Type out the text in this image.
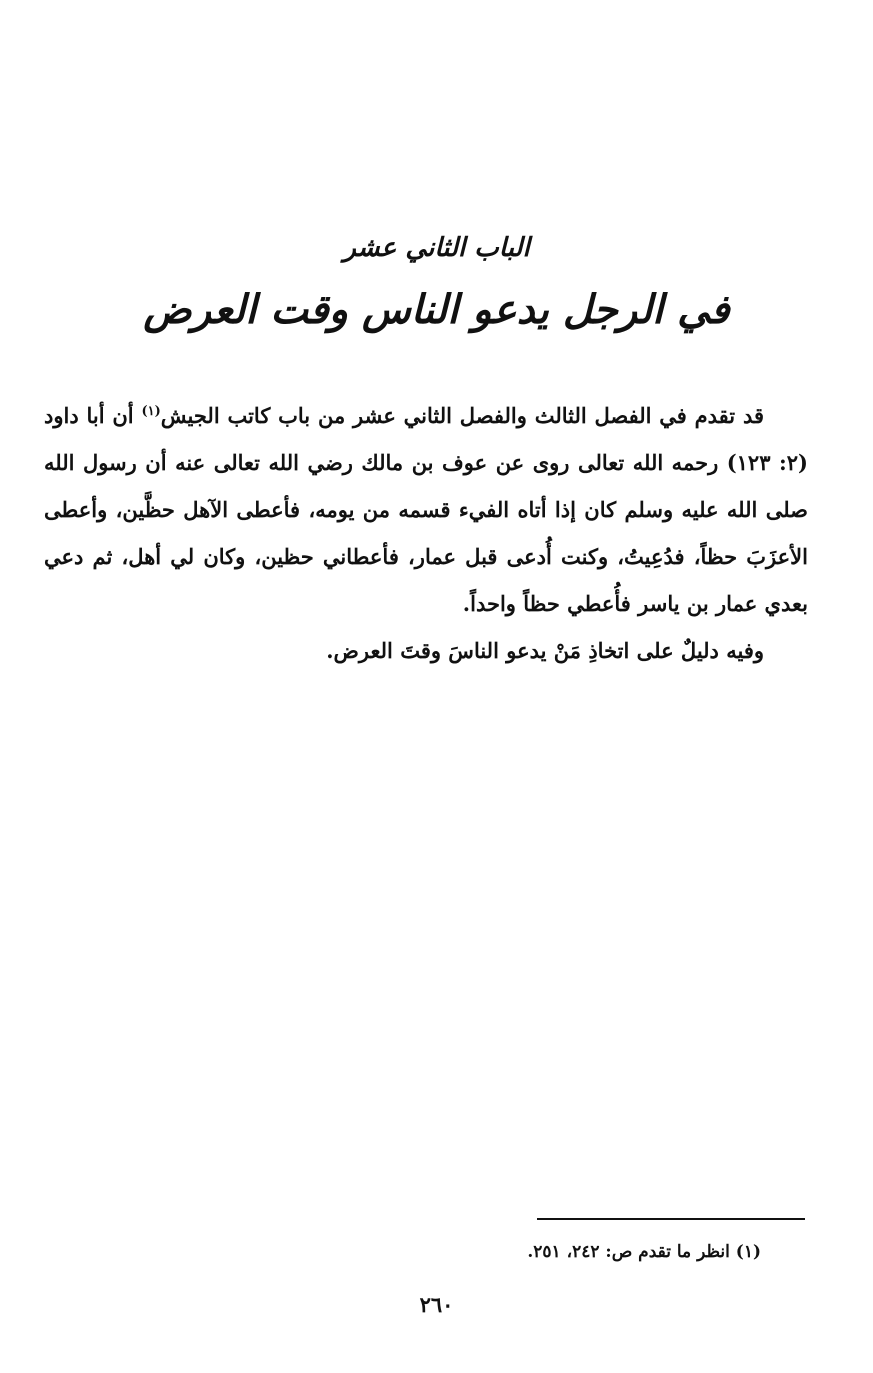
الباب الثاني عشر
في الرجل يدعو الناس وقت العرض

قد تقدم في الفصل الثالث والفصل الثاني عشر من باب كاتب الجيش$^{(١)}$ أن أبا داود (٢: ١٢٣) رحمه الله تعالى روى عن عوف بن مالك رضي الله تعالى عنه أن رسول الله صلى الله عليه وسلم كان إذا أتاه الفيء قسمه من يومه، فأعطى الآهل حظَّين، وأعطى الأعزَبَ حظاً، فدُعِيتُ، وكنت أُدعى قبل عمار، فأعطاني حظين، وكان لي أهل، ثم دعي بعدي عمار بن ياسر فأُعطي حظاً واحداً.

وفيه دليلٌ على اتخاذِ مَنْ يدعو الناسَ وقتَ العرض.

(١) انظر ما تقدم ص: ٢٤٢، ٢٥١.
٢٦٠
